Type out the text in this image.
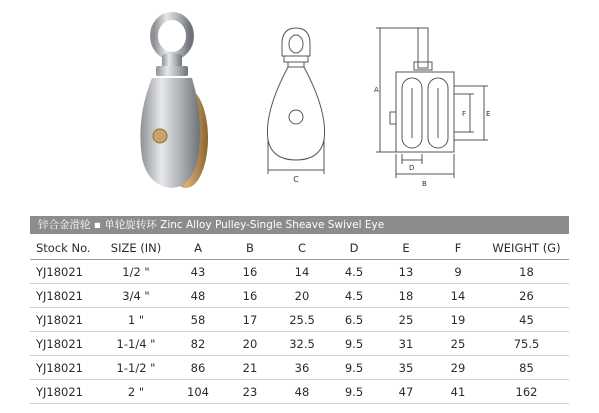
C
A
D
B
E
F
锌合金滑轮 ▪ 单轮旋转环 Zinc Alloy Pulley-Single Sheave Swivel Eye
Stock No.	SIZE (IN)	A	B	C	D	E	F	WEIGHT (G)
YJ18021	1/2 "	43	16	14	4.5	13	9	18
YJ18021	3/4 "	48	16	20	4.5	18	14	26
YJ18021	1 "	58	17	25.5	6.5	25	19	45
YJ18021	1-1/4 "	82	20	32.5	9.5	31	25	75.5
YJ18021	1-1/2 "	86	21	36	9.5	35	29	85
YJ18021	2 "	104	23	48	9.5	47	41	162
